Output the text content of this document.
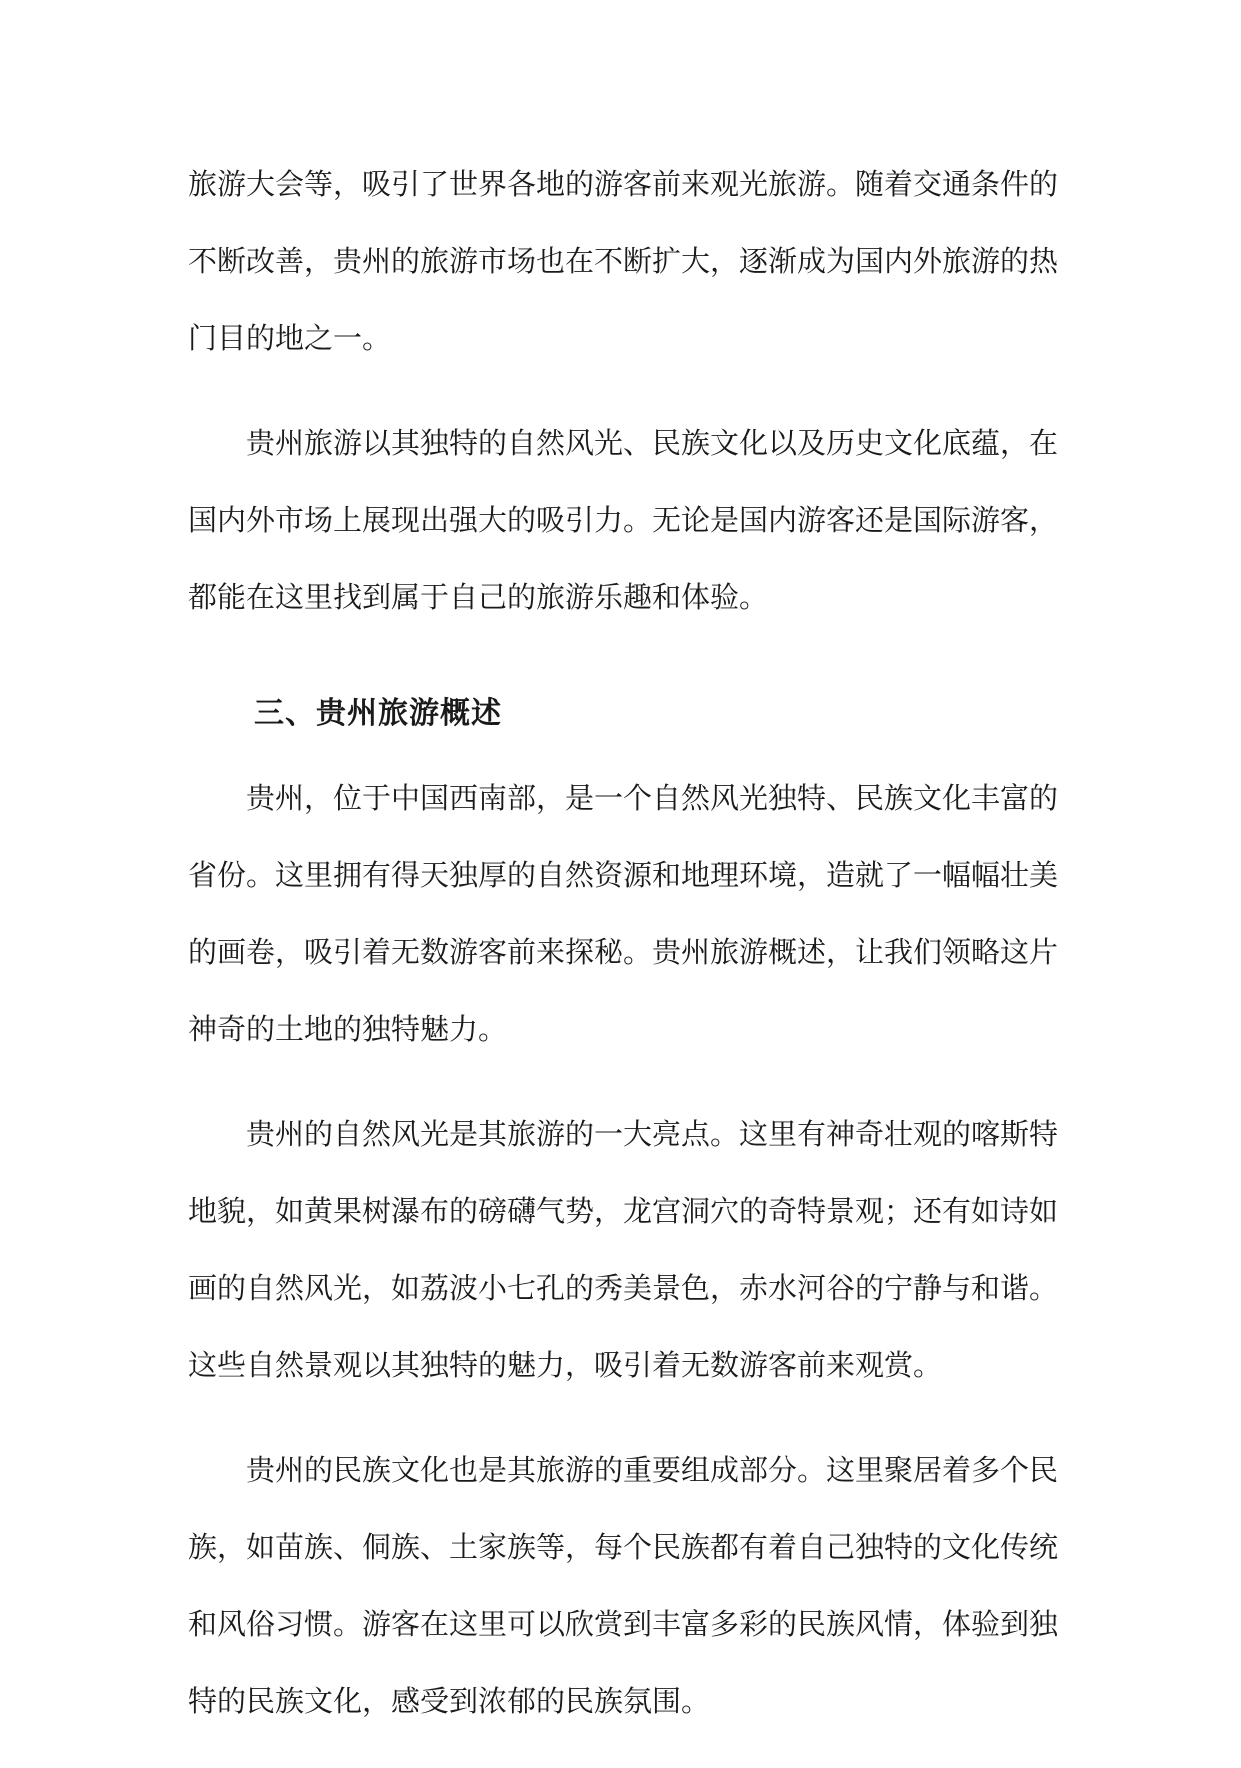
旅游大会等，吸引了世界各地的游客前来观光旅游。随着交通条件的不断改善，贵州的旅游市场也在不断扩大，逐渐成为国内外旅游的热门目的地之一。

贵州旅游以其独特的自然风光、民族文化以及历史文化底蕴，在国内外市场上展现出强大的吸引力。无论是国内游客还是国际游客，都能在这里找到属于自己的旅游乐趣和体验。

三、贵州旅游概述

贵州，位于中国西南部，是一个自然风光独特、民族文化丰富的省份。这里拥有得天独厚的自然资源和地理环境，造就了一幅幅壮美的画卷，吸引着无数游客前来探秘。贵州旅游概述，让我们领略这片神奇的土地的独特魅力。

贵州的自然风光是其旅游的一大亮点。这里有神奇壮观的喀斯特地貌，如黄果树瀑布的磅礴气势，龙宫洞穴的奇特景观；还有如诗如画的自然风光，如荔波小七孔的秀美景色，赤水河谷的宁静与和谐。这些自然景观以其独特的魅力，吸引着无数游客前来观赏。

贵州的民族文化也是其旅游的重要组成部分。这里聚居着多个民族，如苗族、侗族、土家族等，每个民族都有着自己独特的文化传统和风俗习惯。游客在这里可以欣赏到丰富多彩的民族风情，体验到独特的民族文化，感受到浓郁的民族氛围。
